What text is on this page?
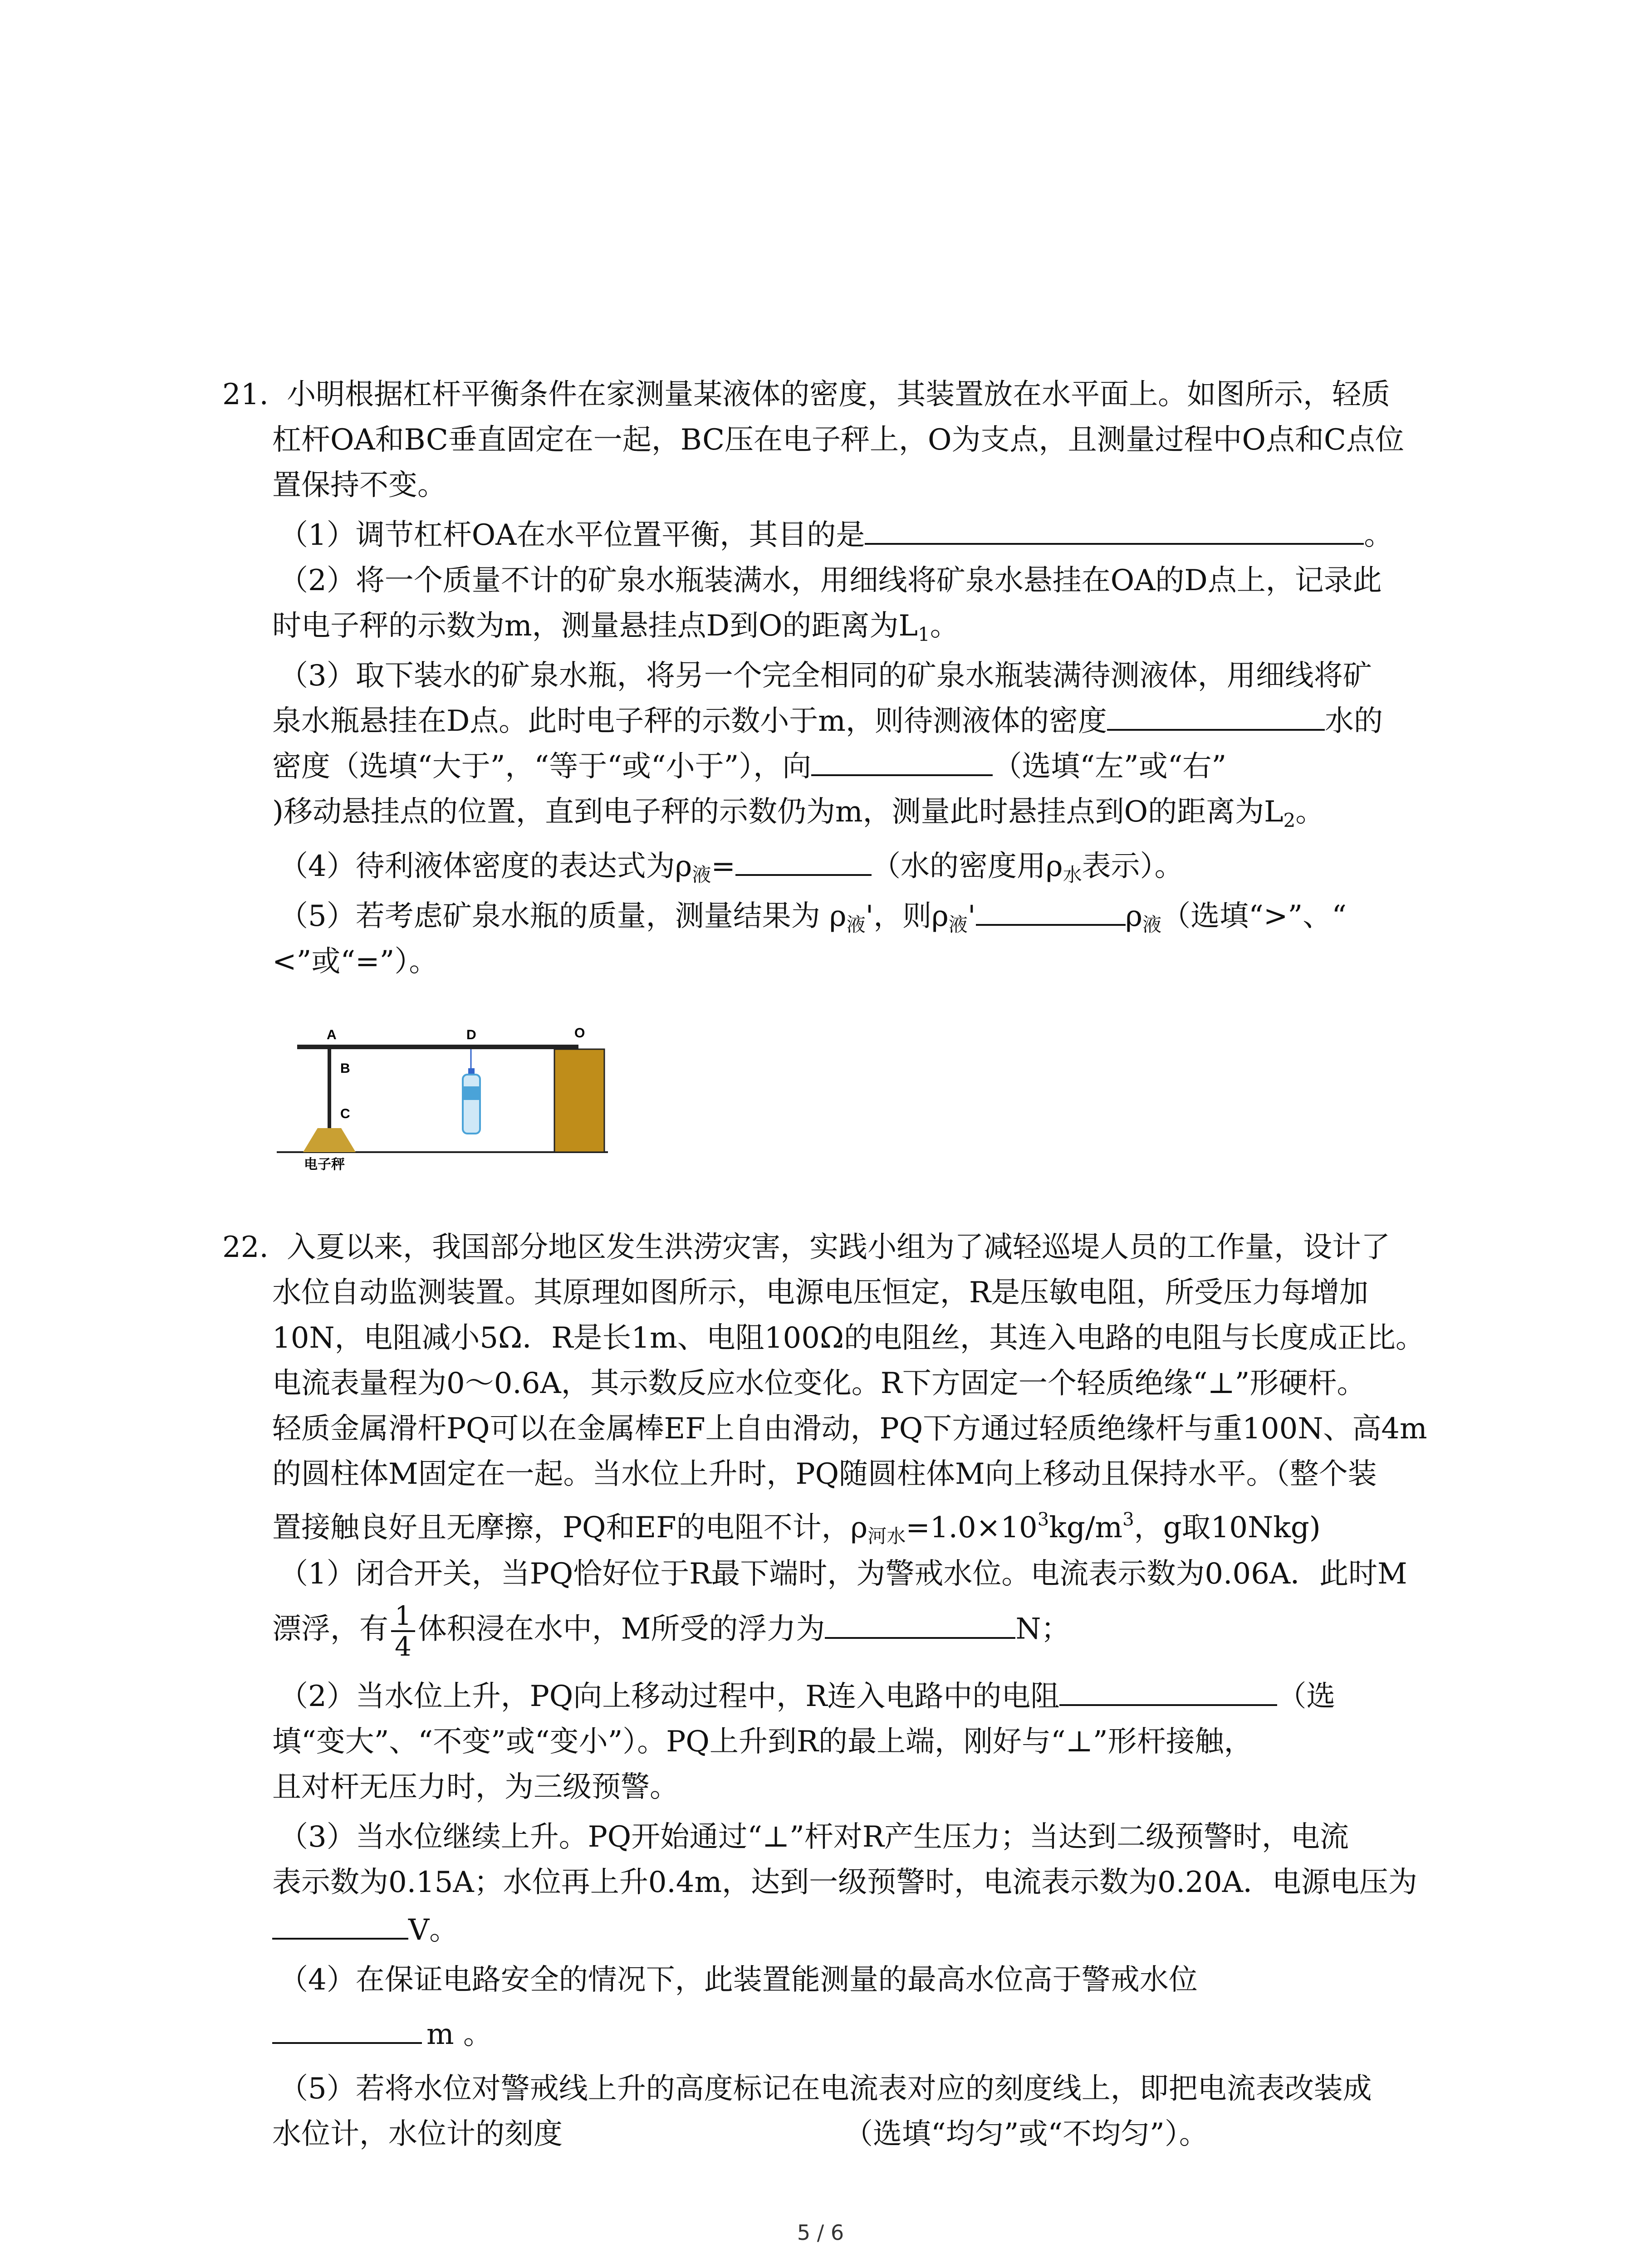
21. 小明根据杠杆平衡条件在家测量某液体的密度，其装置放在水平面上。如图所示，轻质
杠杆OA和BC垂直固定在一起，BC压在电子秤上，O为支点，且测量过程中O点和C点位
置保持不变。
（1）调节杠杆OA在水平位置平衡，其目的是	。
（2）将一个质量不计的矿泉水瓶装满水，用细线将矿泉水悬挂在OA的D点上，记录此
时电子秤的示数为m，测量悬挂点D到O的距离为L1。
（3）取下装水的矿泉水瓶，将另一个完全相同的矿泉水瓶装满待测液体，用细线将矿
泉水瓶悬挂在D点。此时电子秤的示数小于m，则待测液体的密度	水的
密度（选填“大于”，“等于“或“小于”），向	（选填“左”或“右”
)移动悬挂点的位置，直到电子秤的示数仍为m，测量此时悬挂点到O的距离为L2。
（4）待利液体密度的表达式为ρ液=	（水的密度用ρ水表示）。
（5）若考虑矿泉水瓶的质量，测量结果为 ρ液'，则ρ液'	ρ液（选填“>”、“
<”或“=”）。
A
B
C
D	O
电子秤
22. 入夏以来，我国部分地区发生洪涝灾害，实践小组为了减轻巡堤人员的工作量，设计了
水位自动监测装置。其原理如图所示，电源电压恒定，R是压敏电阻，所受压力每增加
10N，电阻减小5Ω．R是长1m、电阻100Ω的电阻丝，其连入电路的电阻与长度成正比。
电流表量程为0～0.6A，其示数反应水位变化。R下方固定一个轻质绝缘“⊥”形硬杆。
轻质金属滑杆PQ可以在金属棒EF上自由滑动，PQ下方通过轻质绝缘杆与重100N、高4m
的圆柱体M固定在一起。当水位上升时，PQ随圆柱体M向上移动且保持水平。（整个装
置接触良好且无摩擦，PQ和EF的电阻不计，ρ河水$=1.0\times 10^3kg/m^3$，g取10Nkg)
（1）闭合开关，当PQ恰好位于R最下端时，为警戒水位。电流表示数为0.06A．此时M
漂浮，有 $\frac{1}{4}$ 体积浸在水中，M所受的浮力为	N；
（2）当水位上升，PQ向上移动过程中，R连入电路中的电阻	（选
填“变大”、“不变”或“变小”）。PQ上升到R的最上端，刚好与“⊥”形杆接触，
且对杆无压力时，为三级预警。
（3）当水位继续上升。PQ开始通过“⊥”杆对R产生压力；当达到二级预警时，电流
表示数为0.15A；水位再上升0.4m，达到一级预警时，电流表示数为0.20A．电源电压为
V。
（4）在保证电路安全的情况下，此装置能测量的最高水位高于警戒水位
m 。
（5）若将水位对警戒线上升的高度标记在电流表对应的刻度线上，即把电流表改装成
水位计，水位计的刻度	（选填“均匀”或“不均匀”）。
5 / 6
